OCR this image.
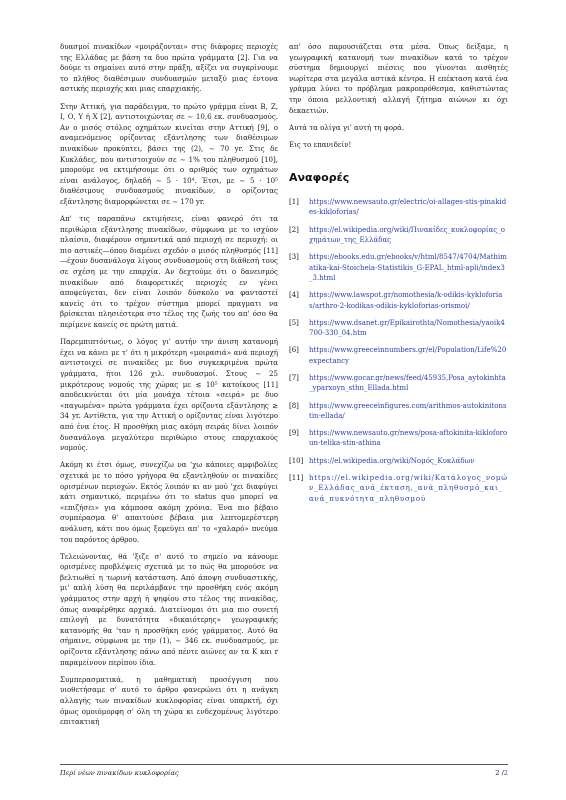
δυασμοί πινακίδων «μοιράζονται» στις διάφορες περιοχές της Ελλάδας με βάση τα δυο πρώτα γράμματα [2]. Για να δούμε τι σημαίνει αυτό στην πράξη, αξίζει να συγκρίνουμε το πλήθος διαθέσιμων συνδυασμών μεταξύ μιας έντονα αστικής περιοχής και μιας επαρχιακής.

Στην Αττική, για παράδειγμα, το πρώτο γράμμα είναι Β, Ζ, Ι, Ο, Υ ή Χ [2], αντιστοιχώντας σε ∼ 10,6 εκ. συνδυασμούς. Αν ο μισός στόλος οχημάτων κινείται στην Αττική [9], ο αναμενόμενος ορίζοντας εξάντλησης των διαθέσιμων πινακίδων προκύπτει, βάσει της (2), ∼ 70 yr. Στις δε Κυκλάδες, που αντιστοιχούν σε ∼ 1% του πληθυσμού [10], μπορούμε να εκτιμήσουμε ότι ο αριθμός των οχημάτων είναι ανάλογος, δηλαδή ∼ 5 · 10⁴. Έτσι, με ∼ 5 · 10⁵ διαθέσιμους συνδυασμούς πινακίδων, ο ορίζοντας εξάντλησης διαμορφώνεται σε ∼ 170 yr.

Απ' τις παραπάνω εκτιμήσεις, είναι φανερό ότι τα περιθώρια εξάντλησης πινακίδων, σύμφωνα με το ισχύον πλαίσιο, διαφέρουν σημαντικά από περιοχή σε περιοχή: οι πιο αστικές—όπου διαμένει σχεδόν ο μισός πληθυσμός [11]—έχουν δυσανάλογα λίγους συνδυασμούς στη διάθεσή τους σε σχέση με την επαρχία. Αν δεχτούμε ότι ο δανεισμός πινακίδων από διαφορετικές περιοχές εν γένει αποφεύγεται, δεν είναι λοιπόν δύσκολο να φανταστεί κανείς ότι το τρέχον σύστημα μπορεί πραγματι να βρίσκεται πλησιέστερα στο τέλος της ζωής του απ' όσο θα περίμενε κανείς σε πρώτη ματιά.

Παρεμπιπτόντως, ο λόγος γι' αυτήν την άνιση κατανομή έχει να κάνει με τ' ότι η μικρότερη «μοιρασιά» ανά περιοχή αντιστοιχεί σε πινακίδες με δυο συγκεκριμένα πρώτα γράμματα, ήτοι 126 χιλ. συνδυασμοί. Στους ∼ 25 μικρότερους νομούς της χώρας με ≲ 10⁵ κατοίκους [11] αποδεικνύεται ότι μία μονάχα τέτοια «σειρά» με δυο «παγωμένα» πρώτα γράμματα έχει ορίζοντα εξάντλησης ≳ 34 yr. Αντίθετα, για την Αττική ο ορίζοντας είναι λιγότερο από ένα έτος. Η προσθήκη μιας ακόμη σειράς δίνει λοιπόν δυσανάλογα μεγαλύτερο περιθώριο στους επαρχιακούς νομούς.

Ακόμη κι έτσι όμως, συνεχίζω να 'χω κάποιες αμφιβολίες σχετικά με το πόσο γρήγορα θα εξαντληθούν οι πινακίδες ορισμένων περιοχών. Εκτός λοιπόν κι αν μού 'χει διαφύγει κάτι σημαντικό, περιμένω ότι το status quo μπορεί να «επιζήσει» για κάμποσα ακόμη χρόνια. Ένα πιο βέβαιο συμπέρασμα θ' απαιτούσε βέβαια μια λεπτομερέστερη ανάλυση, κάτι που όμως ξεφεύγει απ' το «χαλαρό» πνεύμα του παρόντος άρθρου.

Τελειώνοντας, θά 'ξιζε σ' αυτό το σημείο να κάνουμε ορισμένες προβλέψεις σχετικά με το πώς θα μπορούσε να βελτιωθεί η τωρινή κατάσταση. Από άποψη συνδυαστικής, μι' απλή λύση θα περιλάμβανε την προσθήκη ενός ακόμη γράμματος στην αρχή ή ψηφίου στο τέλος της πινακίδας, όπως αναφέρθηκε αρχικά. Διατείνομαι ότι μια πιο συνετή επιλογή με δυνατότητα «δικαιότερης» γεωγραφικής κατανομής θα 'ταν η προσθήκη ενός γράμματος. Αυτό θα σήμαινε, σύμφωνα με την (1), ∼ 346 εκ. συνδυασμούς, με ορίζοντα εξάντλησης πάνω από πέντε αιώνες αν τα K και r παραμείνουν περίπου ίδια.

Συμπερασματικά, η μαθηματική προσέγγιση που υιοθετήσαμε σ' αυτό το άρθρο φανερώνει ότι η ανάγκη αλλαγής των πινακίδων κυκλοφορίας είναι υπαρκτή, όχι όμως ομοιόμορφη σ' όλη τη χώρα κι ενδεχομένως λιγότερο επιτακτική

απ' όσο παρουσιάζεται στα μέσα. Όπως δείξαμε, η γεωγραφική κατανομή των πινακίδων κατά το τρέχον σύστημα δημιουργεί πιέσεις που γίνονται αισθητές νωρίτερα στα μεγάλα αστικά κέντρα. Η επέκταση κατά ένα γράμμα λύνει το πρόβλημα μακροπρόθεσμα, καθιστώντας την όποια μελλοντική αλλαγή ζήτημα αιώνων κι όχι δεκαετιών.

Αυτά τα ολίγα γι' αυτή τη φορά.

Εις το επανιδείν!

Αναφορές
[1]	https://www.newsauto.gr/electric/oi-allages-stis-pinakides-kikloforias/
[2]	https://el.wikipedia.org/wiki/Πινακίδες_κυκλοφορίας_οχημάτων_της_Ελλάδας
[3]	https://ebooks.edu.gr/ebooks/v/html/8547/4704/Mathimatika-kai-Stoicheia-Statistikis_G-EPAL_html-apli/index3_3.html
[4]	https://www.lawspot.gr/nomothesia/k-odikis-kykloforias/arthro-2-kodikas-odikis-kykloforias-orismoi/
[5]	https://www.dsanet.gr/Epikairothta/Nomothesia/yaoik4700-330_04.htm
[6]	https://www.greeceinnumbers.gr/el/Population/Life%20expectancy
[7]	https://www.gocar.gr/news/feed/45935,Posa_aytokinhta_yparxoyn_sthn_Ellada.html
[8]	https://www.greeceinfigures.com/arithmos-autokinitonstin-ellada/
[9]	https://www.newsauto.gr/news/posa-aftokinita-kikloforoun-telika-stin-athina
[10] https://el.wikipedia.org/wiki/Νομός_Κυκλάδων
[11] https://el.wikipedia.org/wiki/Κατάλογος_νομών_Ελλάδας_ανά_έκταση,_ανά_πληθυσμό_και_ανά_πυκνότητα_πληθυσμού
Περί νέων πινακίδων κυκλοφορίας	2 /2
